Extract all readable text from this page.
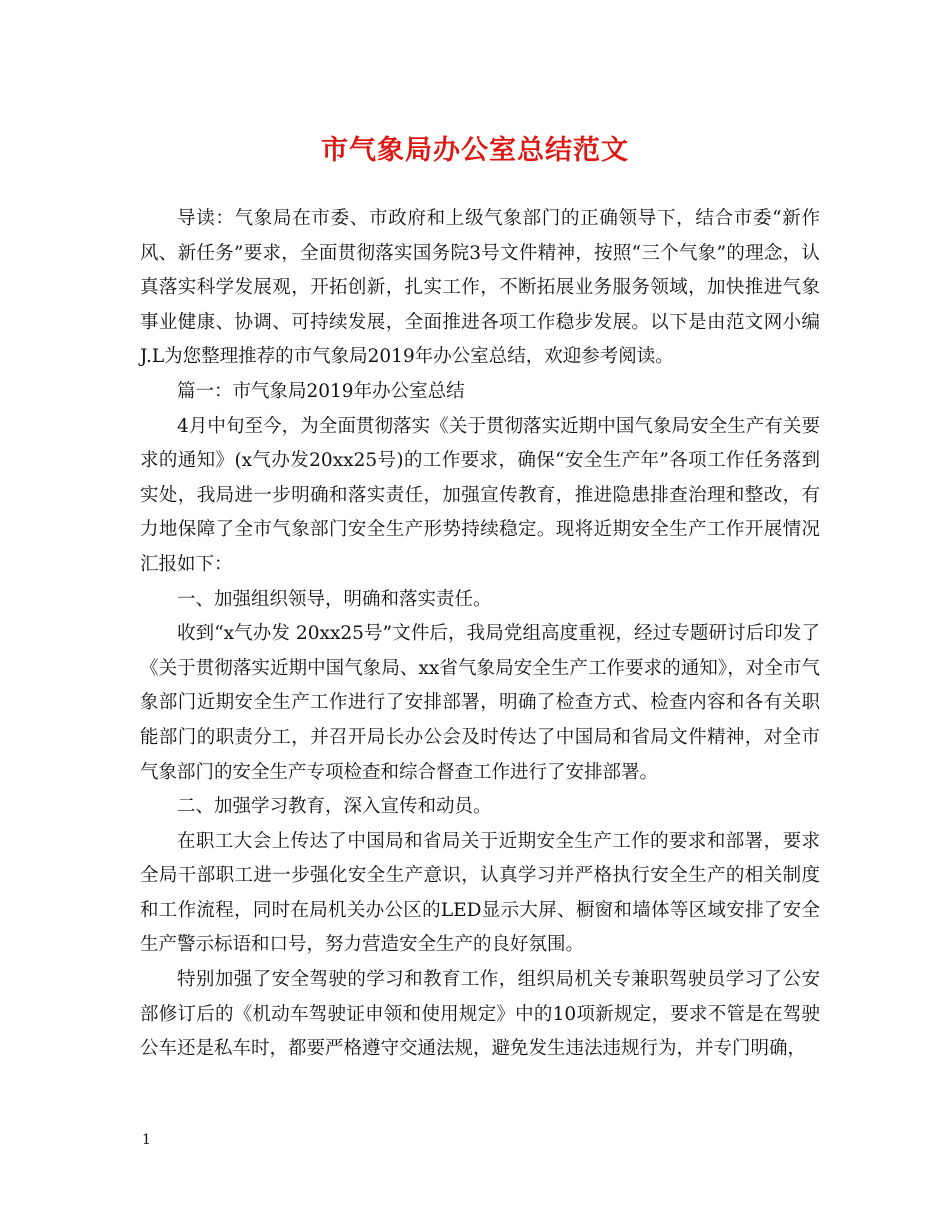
市气象局办公室总结范文

导读：气象局在市委、市政府和上级气象部门的正确领导下，结合市委“新作风、新任务”要求，全面贯彻落实国务院3号文件精神，按照“三个气象”的理念，认真落实科学发展观，开拓创新，扎实工作，不断拓展业务服务领域，加快推进气象事业健康、协调、可持续发展，全面推进各项工作稳步发展。以下是由范文网小编J.L为您整理推荐的市气象局2019年办公室总结，欢迎参考阅读。

篇一：市气象局2019年办公室总结

4月中旬至今，为全面贯彻落实《关于贯彻落实近期中国气象局安全生产有关要求的通知》(x气办发20xx25号)的工作要求，确保“安全生产年”各项工作任务落到实处，我局进一步明确和落实责任，加强宣传教育，推进隐患排查治理和整改，有力地保障了全市气象部门安全生产形势持续稳定。现将近期安全生产工作开展情况汇报如下：

一、加强组织领导，明确和落实责任。

收到“x气办发 20xx25号”文件后，我局党组高度重视，经过专题研讨后印发了《关于贯彻落实近期中国气象局、xx省气象局安全生产工作要求的通知》，对全市气象部门近期安全生产工作进行了安排部署，明确了检查方式、检查内容和各有关职能部门的职责分工，并召开局长办公会及时传达了中国局和省局文件精神，对全市气象部门的安全生产专项检查和综合督查工作进行了安排部署。

二、加强学习教育，深入宣传和动员。

在职工大会上传达了中国局和省局关于近期安全生产工作的要求和部署，要求全局干部职工进一步强化安全生产意识，认真学习并严格执行安全生产的相关制度和工作流程，同时在局机关办公区的LED显示大屏、橱窗和墙体等区域安排了安全生产警示标语和口号，努力营造安全生产的良好氛围。

特别加强了安全驾驶的学习和教育工作，组织局机关专兼职驾驶员学习了公安部修订后的《机动车驾驶证申领和使用规定》中的10项新规定，要求不管是在驾驶公车还是私车时，都要严格遵守交通法规，避免发生违法违规行为，并专门明确，

1
